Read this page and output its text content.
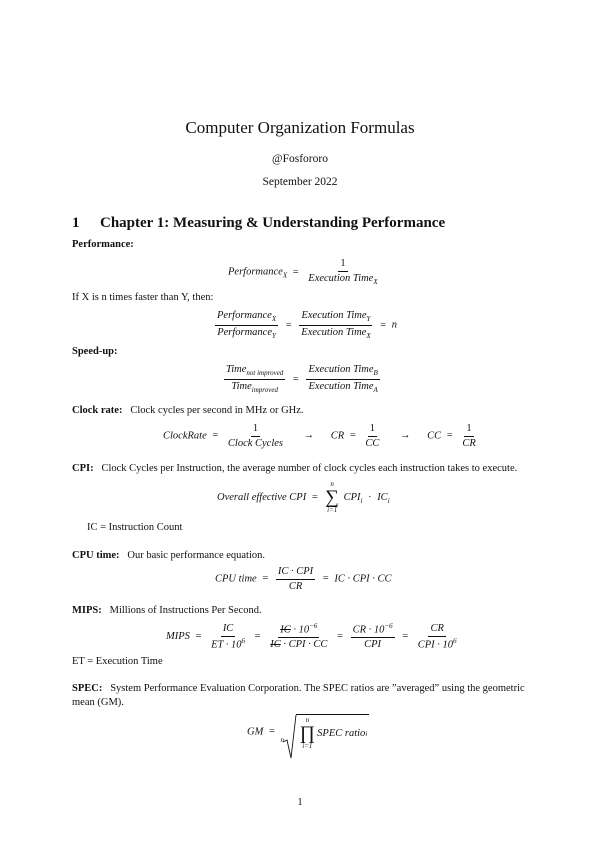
Computer Organization Formulas
@Fosfororo
September 2022
1 Chapter 1: Measuring & Understanding Performance
Performance:
Performance$_X$ = $\frac{1}{Execution Time_X}$
If X is n times faster than Y, then:
$\frac{Performance_X}{Performance_Y} = \frac{Execution Time_Y}{Execution Time_X} = n$
Speed-up:
$\frac{Time_{not improved}}{Time_{improved}} = \frac{Execution Time_B}{Execution Time_A}$
Clock rate: Clock cycles per second in MHz or GHz.
ClockRate = $\frac{1}{\text{Clock Cycles}}$ → CR = $\frac{1}{CC}$ → CC = $\frac{1}{CR}$
CPI: Clock Cycles per Instruction, the average number of clock cycles each instruction takes to execute.
Overall effective CPI =
n
∑
i=1
$CPI_i \cdot IC_i$
IC = Instruction Count
CPU time: Our basic performance equation.
CPU time = $\frac{\text{IC · CPI}}{CR}$ = IC · CPI · CC
MIPS: Millions of Instructions Per Second.
MIPS = $\frac{IC}{ET \cdot 10^6} = \frac{IC \cdot 10^{-6}}{\text{IC · CPI · CC}} = \frac{CR \cdot 10^{-6}}{\text{CPI}} = \frac{CR}{CPI \cdot 10^6}$
ET = Execution Time
SPEC: System Performance Evaluation Corporation. The SPEC ratios are ”averaged” using the geometric
mean (GM).
GM =
n
n
∏
i=1
SPEC ratio i
1
